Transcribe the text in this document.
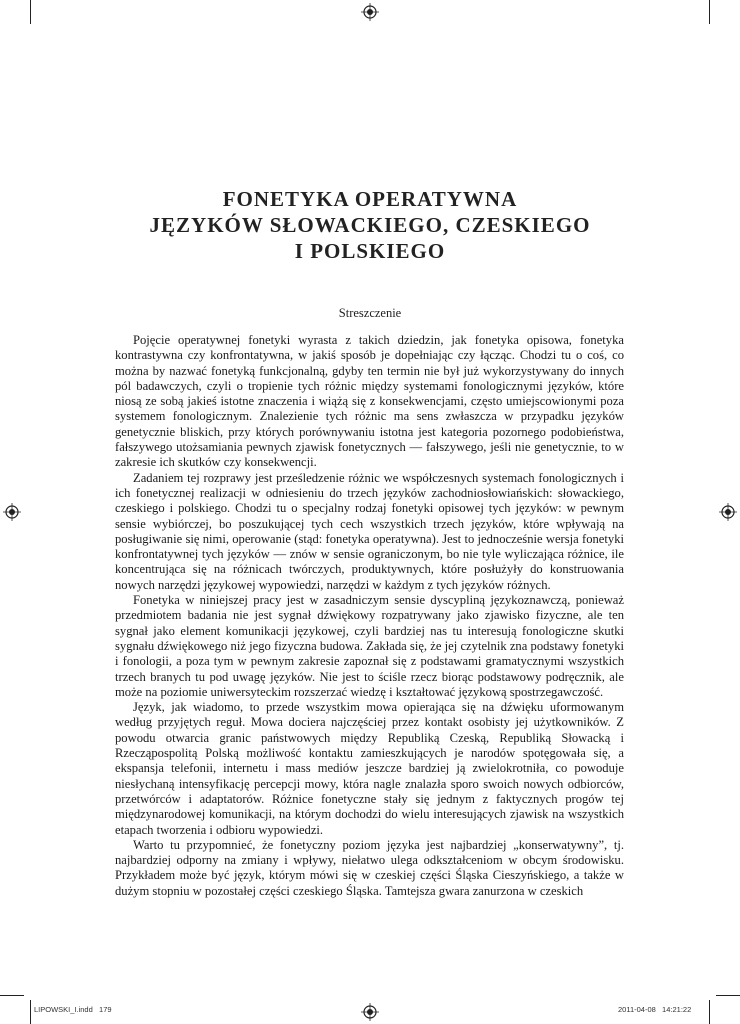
FONETYKA OPERATYWNA
JĘZYKÓW SŁOWACKIEGO, CZESKIEGO
I POLSKIEGO
Streszczenie

Pojęcie operatywnej fonetyki wyrasta z takich dziedzin, jak fonetyka opisowa, fonetyka kontrastywna czy konfrontatywna, w jakiś sposób je dopełniając czy łącząc. Chodzi tu o coś, co można by nazwać fonetyką funkcjonalną, gdyby ten termin nie był już wykorzystywany do innych pól badawczych, czyli o tropienie tych różnic między systemami fonologicznymi języków, które niosą ze sobą jakieś istotne znaczenia i wiążą się z konsekwencjami, często umiejscowionymi poza systemem fonologicznym. Znalezienie tych różnic ma sens zwłaszcza w przypadku języków genetycznie bliskich, przy których porównywaniu istotna jest kategoria pozornego podobieństwa, fałszywego utożsamiania pewnych zjawisk fonetycznych — fałszywego, jeśli nie genetycznie, to w zakresie ich skutków czy konsekwencji.

Zadaniem tej rozprawy jest prześledzenie różnic we współczesnych systemach fonologicznych i ich fonetycznej realizacji w odniesieniu do trzech języków zachodniosłowiańskich: słowackiego, czeskiego i polskiego. Chodzi tu o specjalny rodzaj fonetyki opisowej tych języków: w pewnym sensie wybiórczej, bo poszukującej tych cech wszystkich trzech języków, które wpływają na posługiwanie się nimi, operowanie (stąd: fonetyka operatywna). Jest to jednocześnie wersja fonetyki konfrontatywnej tych języków — znów w sensie ograniczonym, bo nie tyle wyliczająca różnice, ile koncentrująca się na różnicach twórczych, produktywnych, które posłużyły do konstruowania nowych narzędzi językowej wypowiedzi, narzędzi w każdym z tych języków różnych.

Fonetyka w niniejszej pracy jest w zasadniczym sensie dyscypliną językoznawczą, ponieważ przedmiotem badania nie jest sygnał dźwiękowy rozpatrywany jako zjawisko fizyczne, ale ten sygnał jako element komunikacji językowej, czyli bardziej nas tu interesują fonologiczne skutki sygnału dźwiękowego niż jego fizyczna budowa. Zakłada się, że jej czytelnik zna podstawy fonetyki i fonologii, a poza tym w pewnym zakresie zapoznał się z podstawami gramatycznymi wszystkich trzech branych tu pod uwagę języków. Nie jest to ściśle rzecz biorąc podstawowy podręcznik, ale może na poziomie uniwersyteckim rozszerzać wiedzę i kształtować językową spostrzegawczość.

Język, jak wiadomo, to przede wszystkim mowa opierająca się na dźwięku uformowanym według przyjętych reguł. Mowa dociera najczęściej przez kontakt osobisty jej użytkowników. Z powodu otwarcia granic państwowych między Republiką Czeską, Republiką Słowacką i Rzecząpospolitą Polską możliwość kontaktu zamieszkujących je narodów spotęgowała się, a ekspansja telefonii, internetu i mass mediów jeszcze bardziej ją zwielokrotniła, co powoduje niesłychaną intensyfikację percepcji mowy, która nagle znalazła sporo swoich nowych odbiorców, przetwórców i adaptatorów. Różnice fonetyczne stały się jednym z faktycznych progów tej międzynarodowej komunikacji, na którym dochodzi do wielu interesujących zjawisk na wszystkich etapach tworzenia i odbioru wypowiedzi.

Warto tu przypomnieć, że fonetyczny poziom języka jest najbardziej „konserwatywny”, tj. najbardziej odporny na zmiany i wpływy, niełatwo ulega odkształceniom w obcym środowisku. Przykładem może być język, którym mówi się w czeskiej części Śląska Cieszyńskiego, a także w dużym stopniu w pozostałej części czeskiego Śląska. Tamtejsza gwara zanurzona w czeskich

LIPOWSKI_I.indd   179	2011-04-08   14:21:22
